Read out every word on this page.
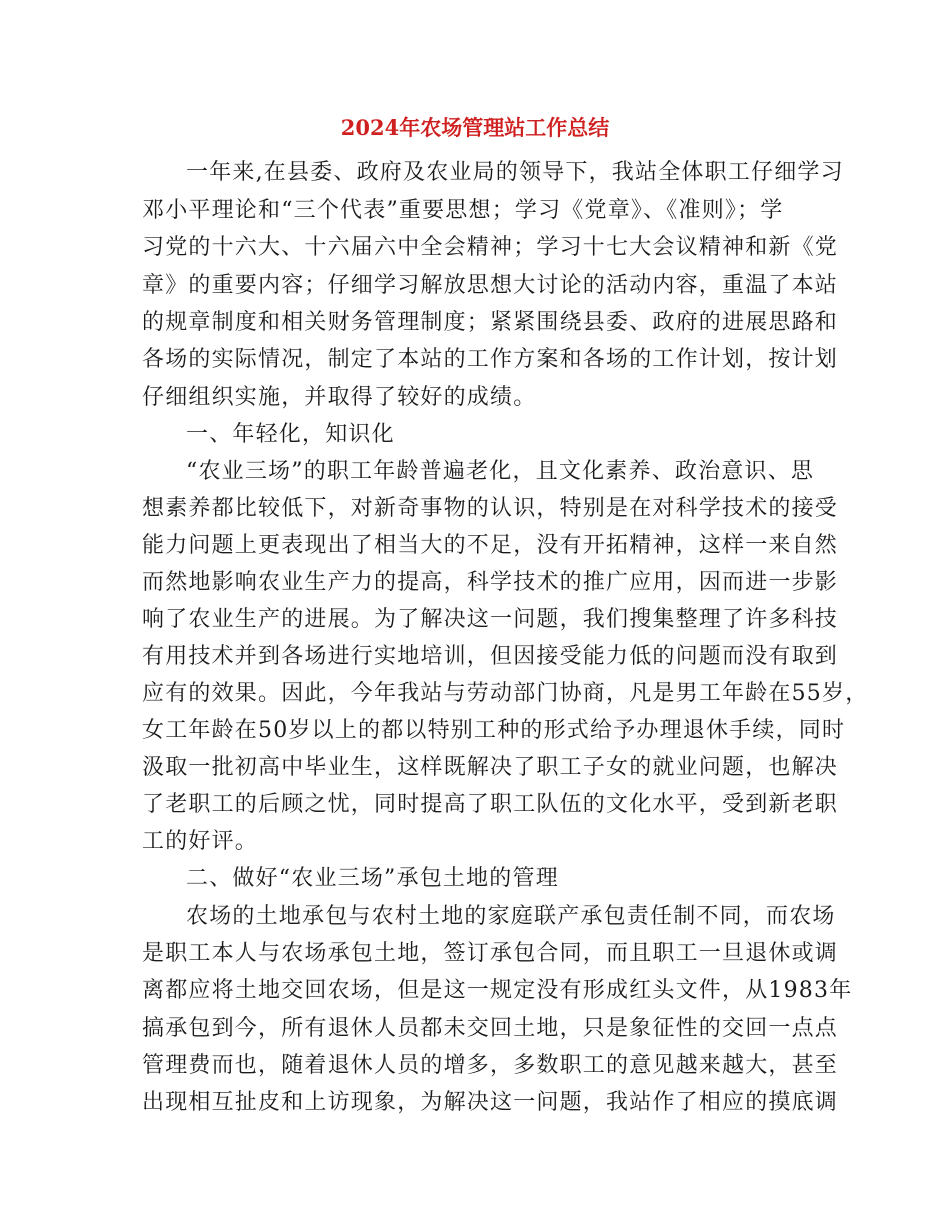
2024年农场管理站工作总结
一年来,在县委、政府及农业局的领导下，我站全体职工仔细学习
邓小平理论和“三个代表”重要思想；学习《党章》、《准则》；学
习党的十六大、十六届六中全会精神；学习十七大会议精神和新《党
章》的重要内容；仔细学习解放思想大讨论的活动内容，重温了本站
的规章制度和相关财务管理制度；紧紧围绕县委、政府的进展思路和
各场的实际情况，制定了本站的工作方案和各场的工作计划，按计划
仔细组织实施，并取得了较好的成绩。
一、年轻化，知识化
“农业三场”的职工年龄普遍老化，且文化素养、政治意识、思
想素养都比较低下，对新奇事物的认识，特别是在对科学技术的接受
能力问题上更表现出了相当大的不足，没有开拓精神，这样一来自然
而然地影响农业生产力的提高，科学技术的推广应用，因而进一步影
响了农业生产的进展。为了解决这一问题，我们搜集整理了许多科技
有用技术并到各场进行实地培训，但因接受能力低的问题而没有取到
应有的效果。因此，今年我站与劳动部门协商，凡是男工年龄在55岁，
女工年龄在50岁以上的都以特别工种的形式给予办理退休手续，同时
汲取一批初高中毕业生，这样既解决了职工子女的就业问题，也解决
了老职工的后顾之忧，同时提高了职工队伍的文化水平，受到新老职
工的好评。
二、做好“农业三场”承包土地的管理
农场的土地承包与农村土地的家庭联产承包责任制不同，而农场
是职工本人与农场承包土地，签订承包合同，而且职工一旦退休或调
离都应将土地交回农场，但是这一规定没有形成红头文件，从1983年
搞承包到今，所有退休人员都未交回土地，只是象征性的交回一点点
管理费而也，随着退休人员的增多，多数职工的意见越来越大，甚至
出现相互扯皮和上访现象，为解决这一问题，我站作了相应的摸底调
